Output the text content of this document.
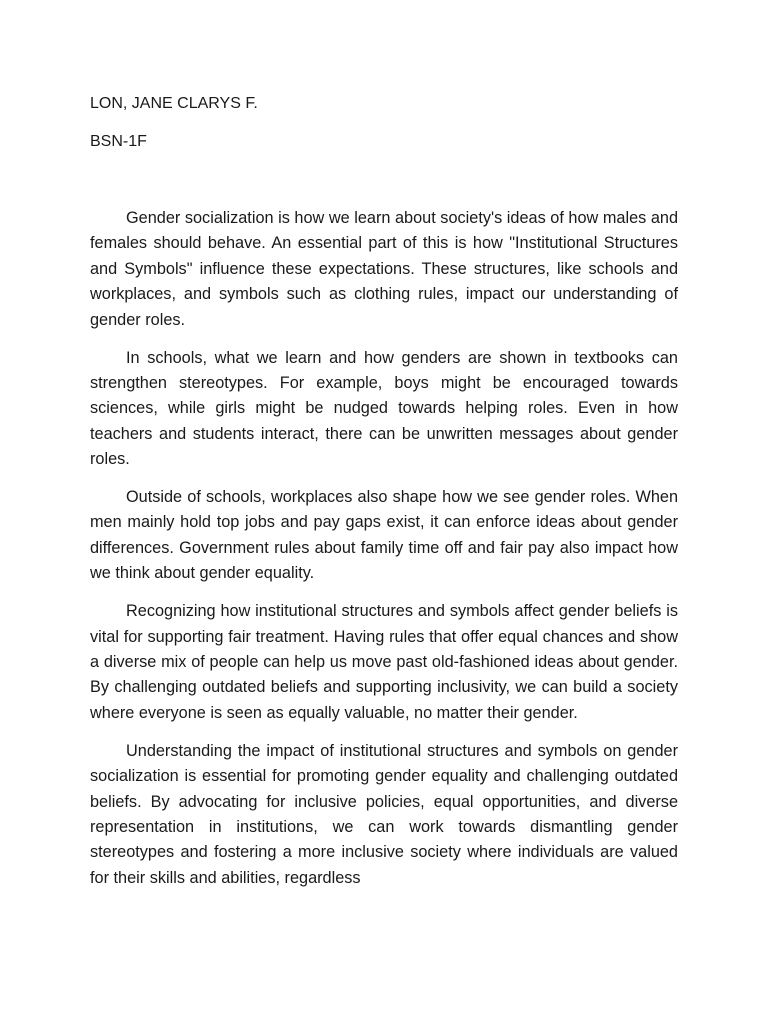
LON, JANE CLARYS F.

BSN-1F

Gender socialization is how we learn about society's ideas of how males and females should behave. An essential part of this is how "Institutional Structures and Symbols" influence these expectations. These structures, like schools and workplaces, and symbols such as clothing rules, impact our understanding of gender roles.

In schools, what we learn and how genders are shown in textbooks can strengthen stereotypes. For example, boys might be encouraged towards sciences, while girls might be nudged towards helping roles. Even in how teachers and students interact, there can be unwritten messages about gender roles.

Outside of schools, workplaces also shape how we see gender roles. When men mainly hold top jobs and pay gaps exist, it can enforce ideas about gender differences. Government rules about family time off and fair pay also impact how we think about gender equality.

Recognizing how institutional structures and symbols affect gender beliefs is vital for supporting fair treatment. Having rules that offer equal chances and show a diverse mix of people can help us move past old-fashioned ideas about gender. By challenging outdated beliefs and supporting inclusivity, we can build a society where everyone is seen as equally valuable, no matter their gender.

Understanding the impact of institutional structures and symbols on gender socialization is essential for promoting gender equality and challenging outdated beliefs. By advocating for inclusive policies, equal opportunities, and diverse representation in institutions, we can work towards dismantling gender stereotypes and fostering a more inclusive society where individuals are valued for their skills and abilities, regardless
